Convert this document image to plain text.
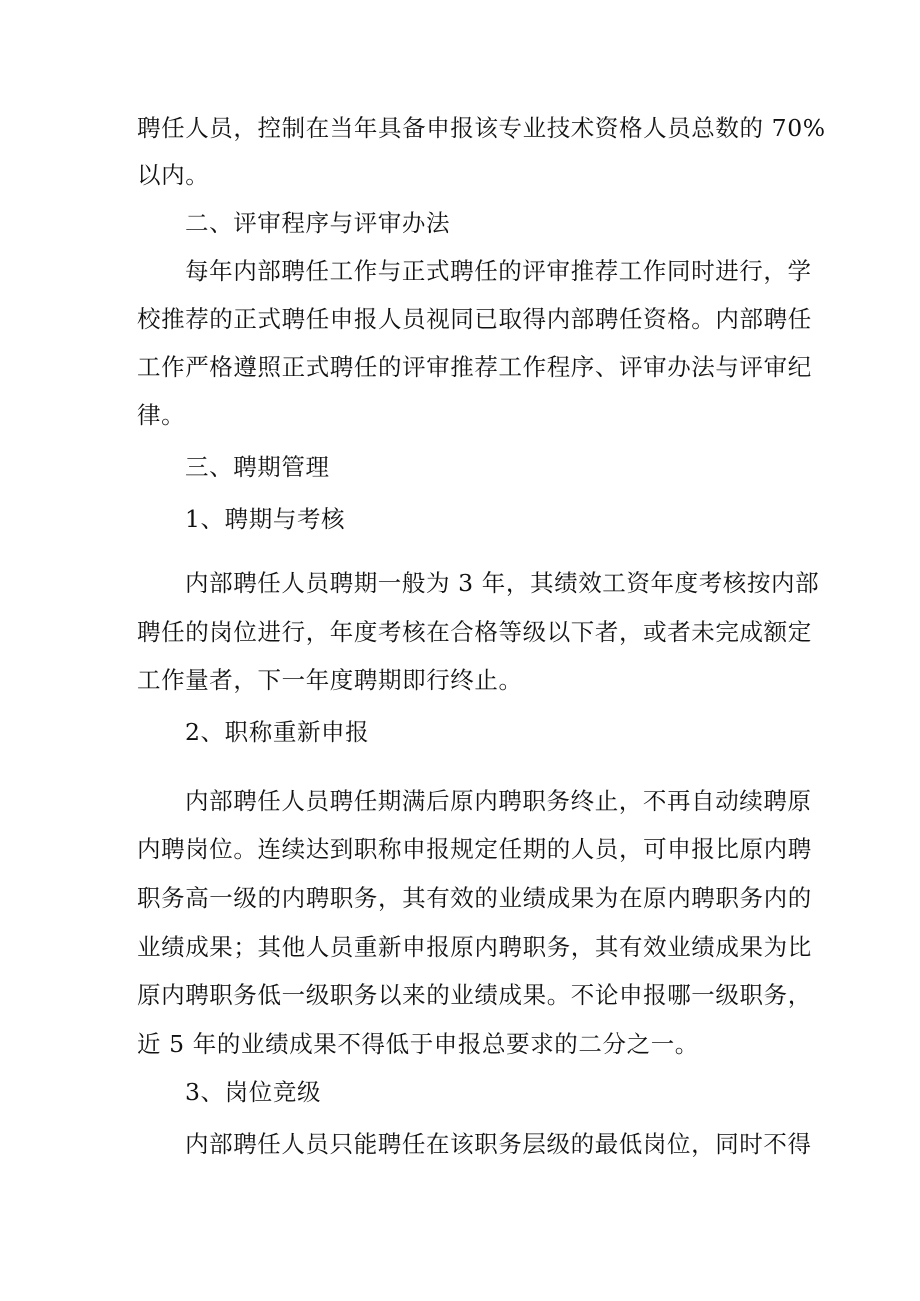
聘任人员，控制在当年具备申报该专业技术资格人员总数的 70%
以内。
二、评审程序与评审办法
每年内部聘任工作与正式聘任的评审推荐工作同时进行，学
校推荐的正式聘任申报人员视同已取得内部聘任资格。内部聘任
工作严格遵照正式聘任的评审推荐工作程序、评审办法与评审纪
律。
三、聘期管理
1、聘期与考核
内部聘任人员聘期一般为 3 年，其绩效工资年度考核按内部
聘任的岗位进行，年度考核在合格等级以下者，或者未完成额定
工作量者，下一年度聘期即行终止。
2、职称重新申报
内部聘任人员聘任期满后原内聘职务终止，不再自动续聘原
内聘岗位。连续达到职称申报规定任期的人员，可申报比原内聘
职务高一级的内聘职务，其有效的业绩成果为在原内聘职务内的
业绩成果；其他人员重新申报原内聘职务，其有效业绩成果为比
原内聘职务低一级职务以来的业绩成果。不论申报哪一级职务，
近 5 年的业绩成果不得低于申报总要求的二分之一。
3、岗位竞级
内部聘任人员只能聘任在该职务层级的最低岗位，同时不得
